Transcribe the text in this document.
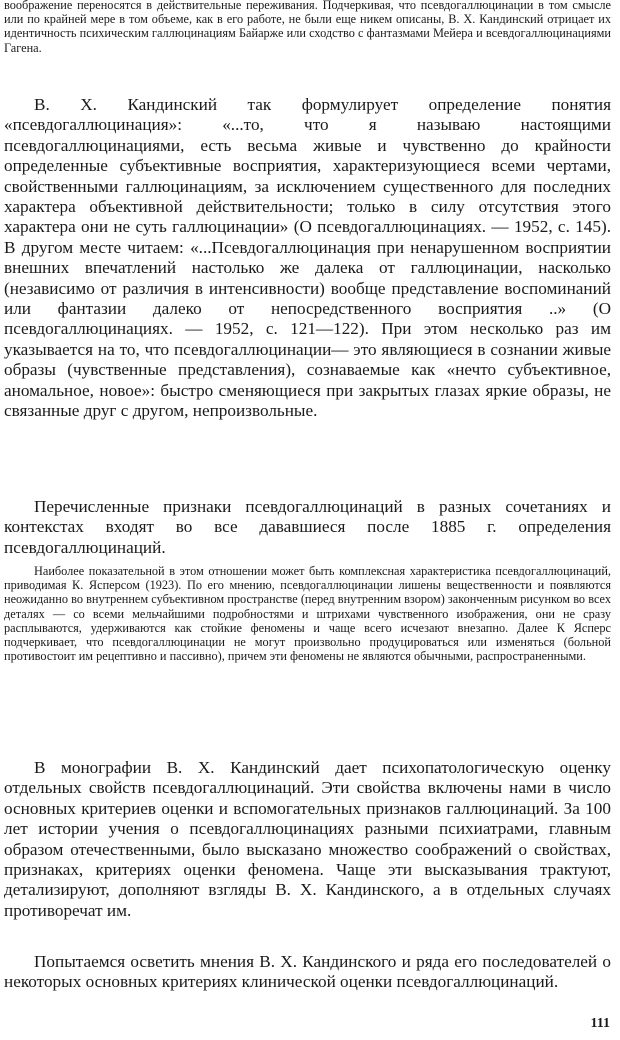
воображение переносятся в действительные переживания. Подчеркивая, что псевдогаллюцинации в том смысле или по крайней мере в том объеме, как в его работе, не были еще никем описаны, В. Х. Кандинский отрицает их идентичность психическим галлюцинациям Байарже или сходство с фантазмами Мейера и всевдогаллюцинациями Гагена.

В. Х. Кандинский так формулирует определение понятия «псевдогаллюцинация»: «...то, что я называю настоящими псевдогаллюцинациями, есть весьма живые и чувственно до крайности определенные субъективные восприятия, характеризующиеся всеми чертами, свойственными галлюцинациям, за исключением существенного для последних характера объективной действительности; только в силу отсутствия этого характера они не суть галлюцинации» (О псевдогаллюцинациях. — 1952, с. 145). В другом месте читаем: «...Псевдогаллюцинация при ненарушенном восприятии внешних впечатлений настолько же далека от галлюцинации, насколько (независимо от различия в интенсивности) вообще представление воспоминаний или фантазии далеко от непосредственного восприятия ..» (О псевдогаллюцинациях. — 1952, с. 121—122). При этом несколько раз им указывается на то, что псевдогаллюцинации— это являющиеся в сознании живые образы (чувственные представления), сознаваемые как «нечто субъективное, аномальное, новое»: быстро сменяющиеся при закрытых глазах яркие образы, не связанные друг с другом, непроизвольные.

Перечисленные признаки псевдогаллюцинаций в разных сочетаниях и контекстах входят во все дававшиеся после 1885 г. определения псевдогаллюцинаций.

Наиболее показательной в этом отношении может быть комплексная характеристика псевдогаллюцинаций, приводимая К. Ясперсом (1923). По его мнению, псевдогаллюцинации лишены вещественности и появляются неожиданно во внутреннем субъективном пространстве (перед внутренним взором) законченным рисунком во всех деталях — со всеми мельчайшими подробностями и штрихами чувственного изображения, они не сразу расплываются, удерживаются как стойкие феномены и чаще всего исчезают внезапно. Далее К Ясперс подчеркивает, что псевдогаллюцинации не могут произвольно продуцироваться или изменяться (больной противостоит им рецептивно и пассивно), причем эти феномены не являются обычными, распространенными.

В монографии В. Х. Кандинский дает психопатологическую оценку отдельных свойств псевдогаллюцинаций. Эти свойства включены нами в число основных критериев оценки и вспомогательных признаков галлюцинаций. За 100 лет истории учения о псевдогаллюцинациях разными психиатрами, главным образом отечественными, было высказано множество соображений о свойствах, признаках, критериях оценки феномена. Чаще эти высказывания трактуют, детализируют, дополняют взгляды В. Х. Кандинского, а в отдельных случаях противоречат им.

Попытаемся осветить мнения В. Х. Кандинского и ряда его последователей о некоторых основных критериях клинической оценки псевдогаллюцинаций.

111
